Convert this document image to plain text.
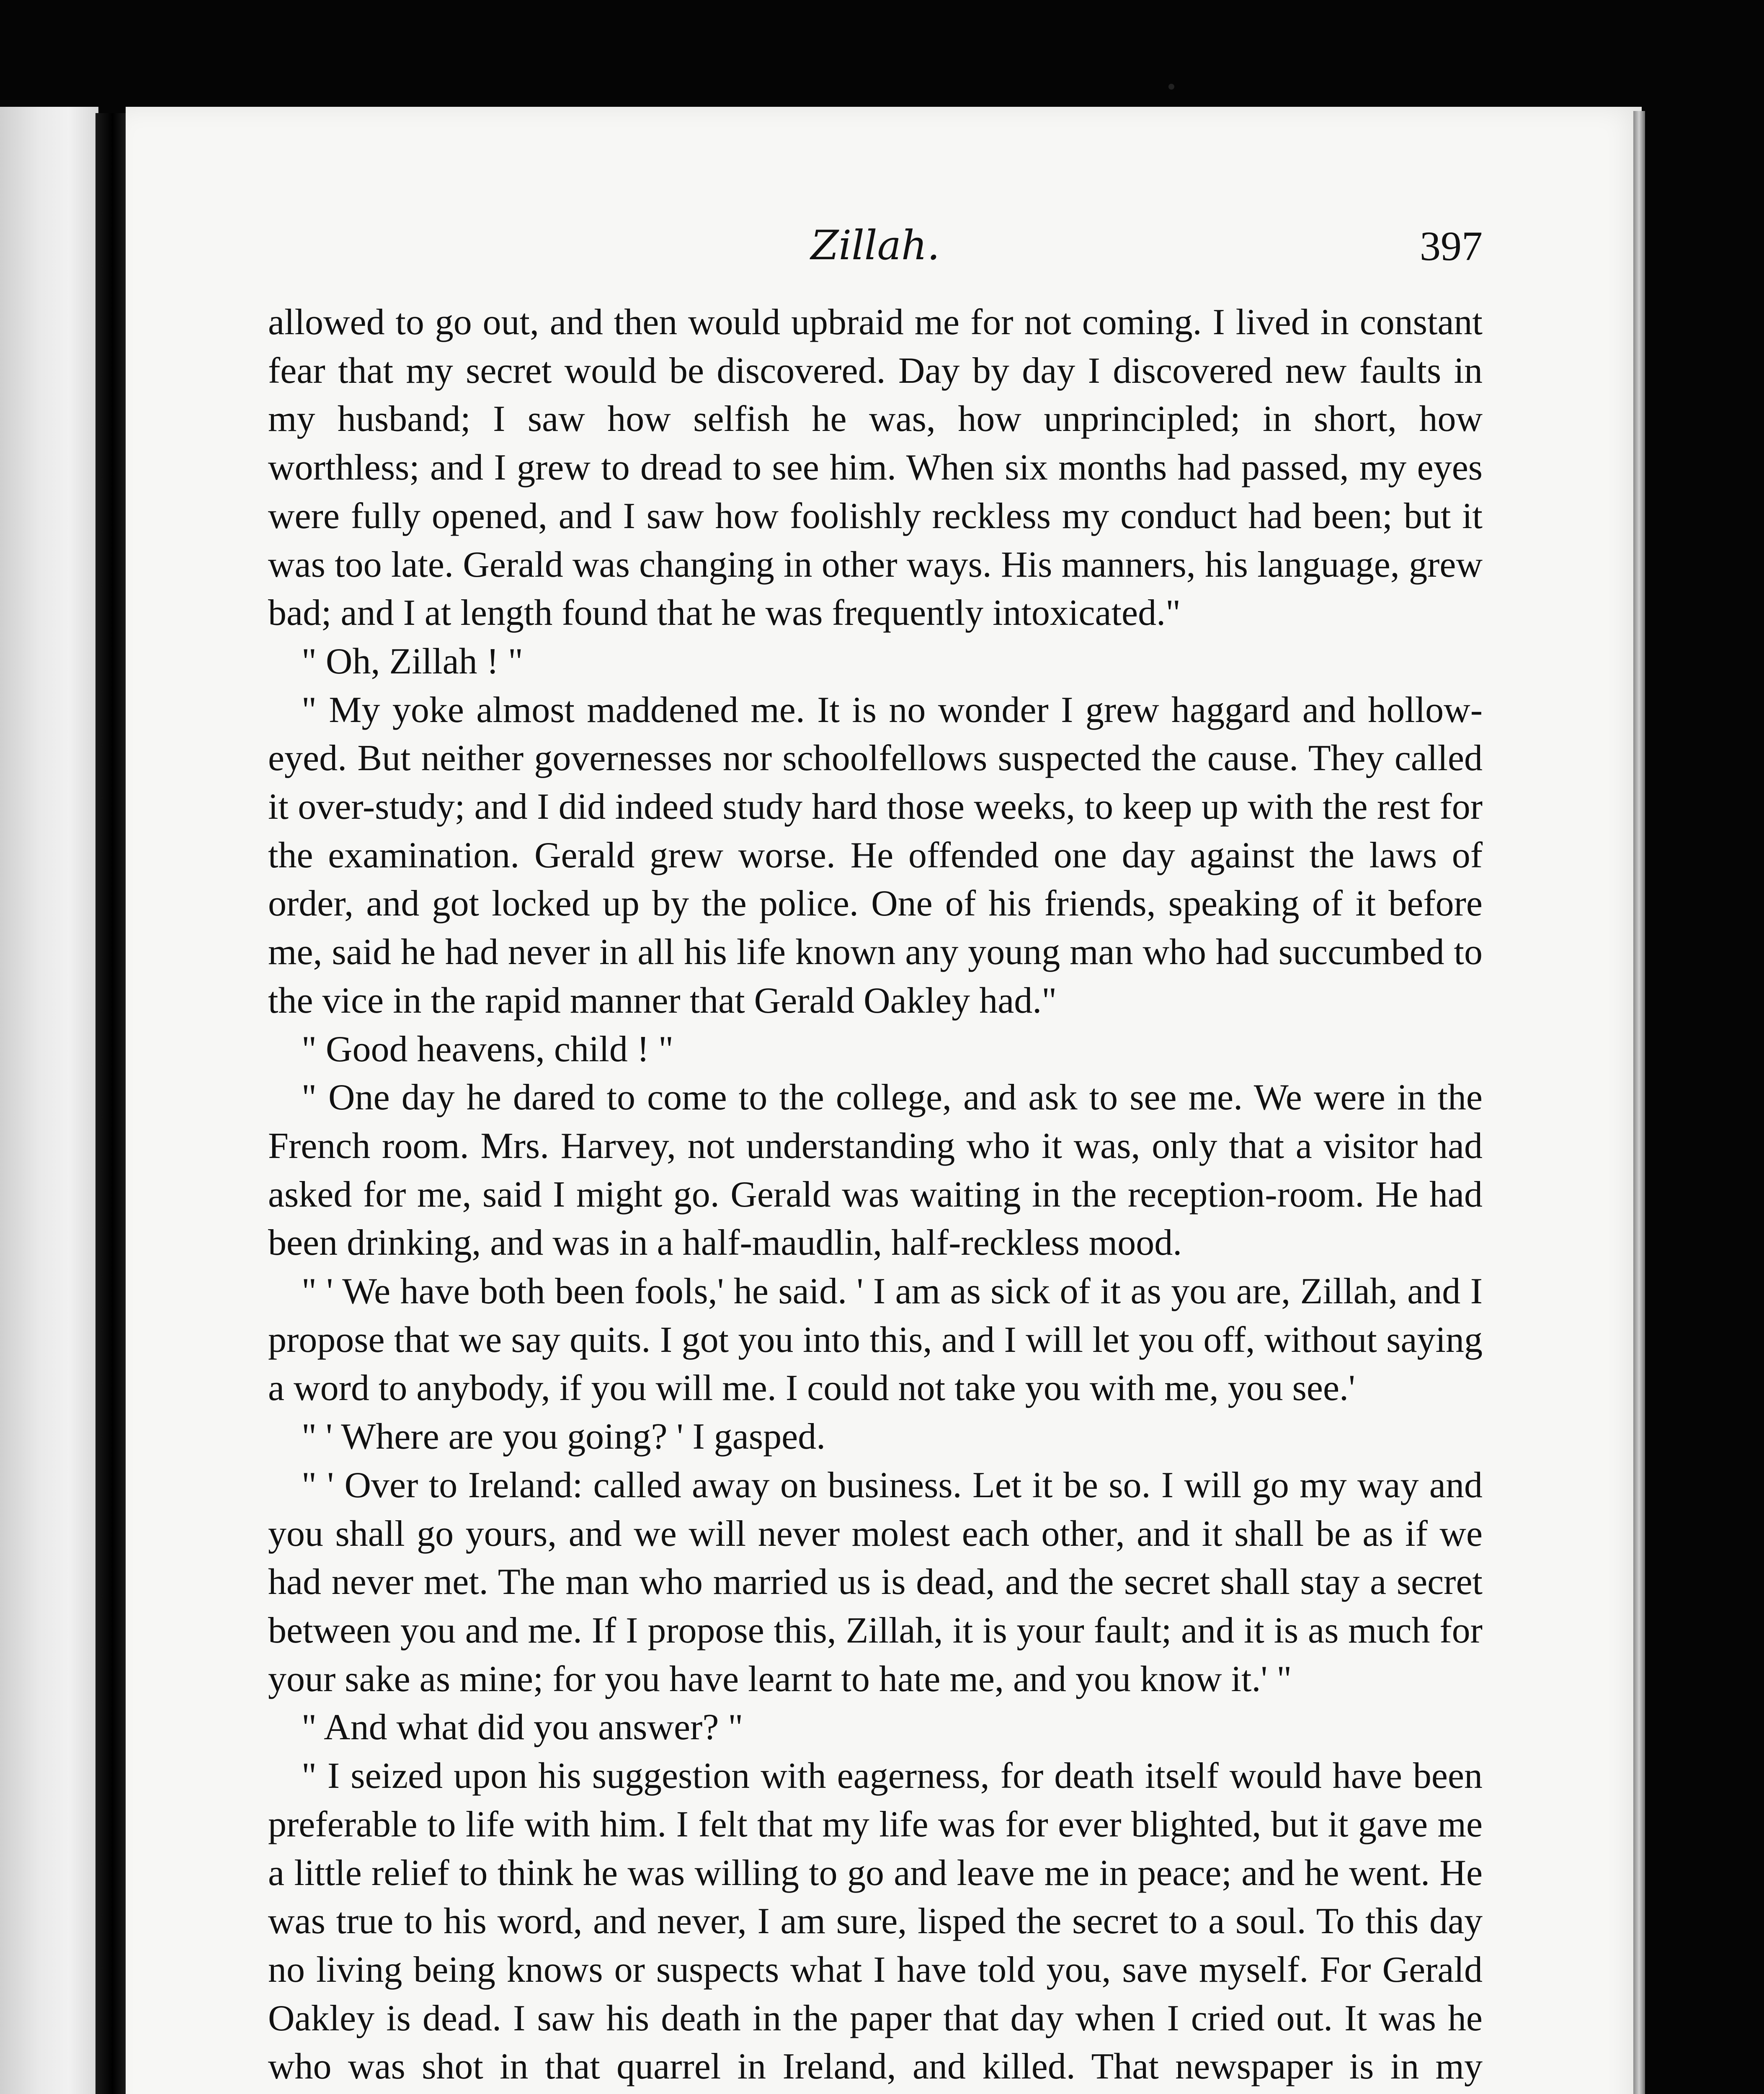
Zillah.	397

allowed to go out, and then would upbraid me for not coming. I lived in constant fear that my secret would be discovered. Day by day I discovered new faults in my husband; I saw how selfish he was, how unprincipled; in short, how worthless; and I grew to dread to see him. When six months had passed, my eyes were fully opened, and I saw how foolishly reckless my conduct had been; but it was too late. Gerald was changing in other ways. His manners, his language, grew bad; and I at length found that he was frequently intoxicated."

" Oh, Zillah ! "

" My yoke almost maddened me. It is no wonder I grew haggard and hollow-eyed. But neither governesses nor schoolfellows suspected the cause. They called it over-study; and I did indeed study hard those weeks, to keep up with the rest for the examination. Gerald grew worse. He offended one day against the laws of order, and got locked up by the police. One of his friends, speaking of it before me, said he had never in all his life known any young man who had succumbed to the vice in the rapid manner that Gerald Oakley had."

" Good heavens, child ! "

" One day he dared to come to the college, and ask to see me. We were in the French room. Mrs. Harvey, not understanding who it was, only that a visitor had asked for me, said I might go. Gerald was waiting in the reception-room. He had been drinking, and was in a half-maudlin, half-reckless mood.

" ' We have both been fools,' he said. ' I am as sick of it as you are, Zillah, and I propose that we say quits. I got you into this, and I will let you off, without saying a word to anybody, if you will me. I could not take you with me, you see.'

" ' Where are you going? ' I gasped.

" ' Over to Ireland: called away on business. Let it be so. I will go my way and you shall go yours, and we will never molest each other, and it shall be as if we had never met. The man who married us is dead, and the secret shall stay a secret between you and me. If I propose this, Zillah, it is your fault; and it is as much for your sake as mine; for you have learnt to hate me, and you know it.' "

" And what did you answer? "

" I seized upon his suggestion with eagerness, for death itself would have been preferable to life with him. I felt that my life was for ever blighted, but it gave me a little relief to think he was willing to go and leave me in peace; and he went. He was true to his word, and never, I am sure, lisped the secret to a soul. To this day no living being knows or suspects what I have told you, save myself. For Gerald Oakley is dead. I saw his death in the paper that day when I cried out. It was he who was shot in that quarrel in Ireland, and killed. That newspaper is in my
